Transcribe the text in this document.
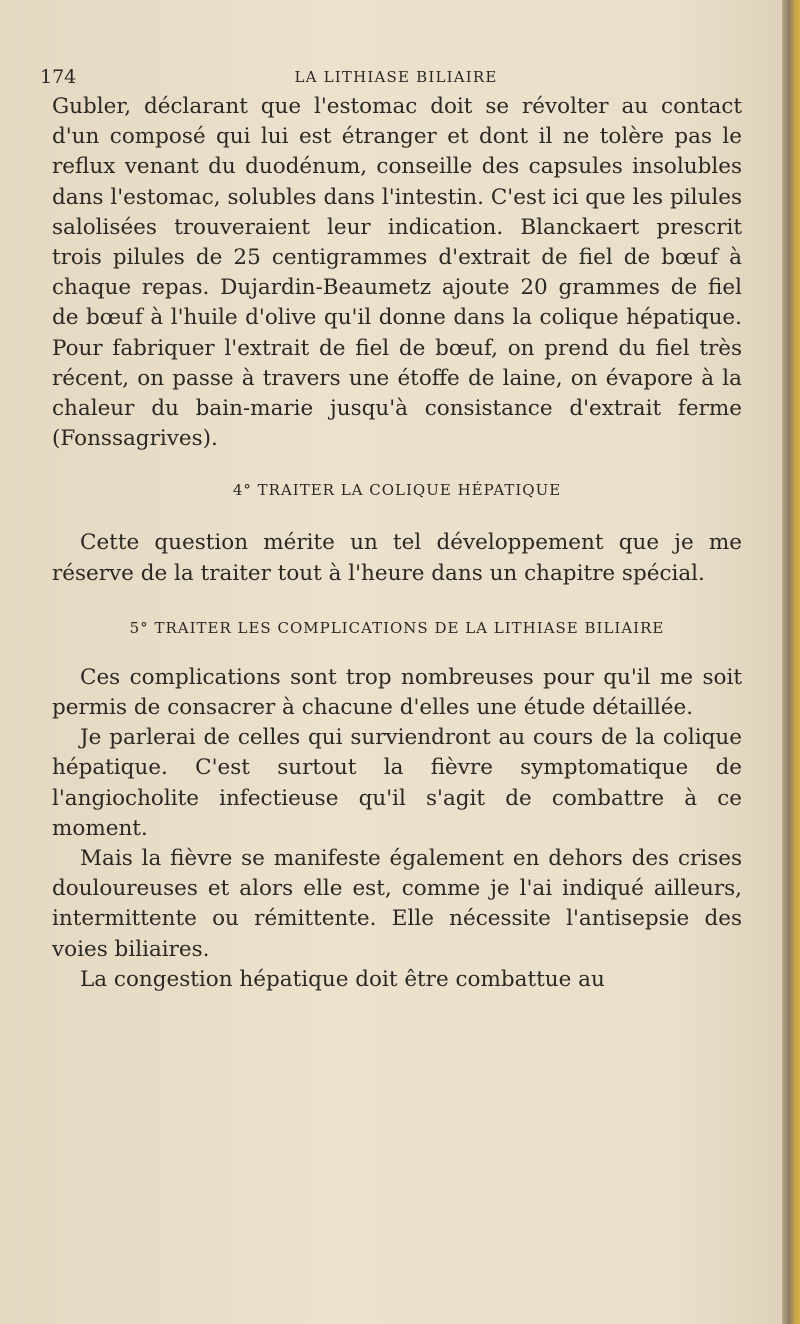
174	LA LITHIASE BILIAIRE

Gubler, déclarant que l'estomac doit se révolter au contact d'un composé qui lui est étranger et dont il ne tolère pas le reflux venant du duodénum, conseille des capsules insolubles dans l'estomac, solubles dans l'intestin. C'est ici que les pilules salolisées trouveraient leur indication. Blanckaert prescrit trois pilules de 25 centigrammes d'extrait de fiel de bœuf à chaque repas. Dujardin-Beaumetz ajoute 20 grammes de fiel de bœuf à l'huile d'olive qu'il donne dans la colique hépatique. Pour fabriquer l'extrait de fiel de bœuf, on prend du fiel très récent, on passe à travers une étoffe de laine, on évapore à la chaleur du bain-marie jusqu'à consistance d'extrait ferme (Fonssagrives).

4° TRAITER LA COLIQUE HÉPATIQUE

Cette question mérite un tel développement que je me réserve de la traiter tout à l'heure dans un chapitre spécial.

5° TRAITER LES COMPLICATIONS DE LA LITHIASE BILIAIRE

Ces complications sont trop nombreuses pour qu'il me soit permis de consacrer à chacune d'elles une étude détaillée.

Je parlerai de celles qui surviendront au cours de la colique hépatique. C'est surtout la fièvre symptomatique de l'angiocholite infectieuse qu'il s'agit de combattre à ce moment.

Mais la fièvre se manifeste également en dehors des crises douloureuses et alors elle est, comme je l'ai indiqué ailleurs, intermittente ou rémittente. Elle nécessite l'antisepsie des voies biliaires.

La congestion hépatique doit être combattue au
